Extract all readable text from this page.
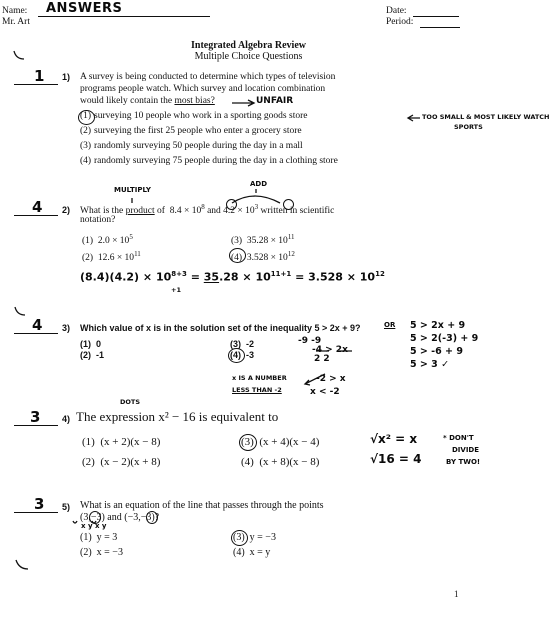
Name: ANSWERS
Mr. Art
Date:
Period:
Integrated Algebra Review
Multiple Choice Questions
1 1) A survey is being conducted to determine which types of television
programs people watch. Which survey and location combination
would likely contain the most bias?	UNFAIR
(1) surveying 10 people who work in a sporting goods store	TOO SMALL & MOST LIKELY WATCH
SPORTS
(2) surveying the first 25 people who enter a grocery store
(3) randomly surveying 50 people during the day in a mall
(4) randomly surveying 75 people during the day in a clothing store
MULTIPLY
ADD
4 2) What is the product of $8.4 \times 10^8$ and $4.2 \times 10^3$ written in scientific
notation?
(1) $2.0 \times 10^5$
(2) $12.6 \times 10^{11}$
(3) $35.28 \times 10^{11}$
(4) $3.528 \times 10^{12}$
$(8.4)(4.2) \times 10^{8+3} = 35.28 \times 10^{11+1} = 3.528 \times 10^{12}$
+1
4 3) Which value of x is in the solution set of the inequality 5 > 2x + 9?
(1) 0
(2) -1
(3) -2
(4) -3
-9 -9
-4 > 2x
2 2
-2 > x
x < -2
x IS A NUMBER
LESS THAN -2
OR 5 > 2x + 9
5 > 2(-3) + 9
5 > -6 + 9
5 > 3 ✓
DOTS
3 4) The expression x² − 16 is equivalent to
(1) (x + 2)(x − 8)
(2) (x − 2)(x + 8)
(3) (x + 4)(x − 4)
(4) (x + 8)(x − 8)
√x² = x
√16 = 4
* DON'T
DIVIDE
BY TWO!
3 5) What is an equation of the line that passes through the points
(3,−3) and (−3,−3)?
x y x y
(1) y = 3
(2) x = −3
(3) y = −3
(4) x = y
1
